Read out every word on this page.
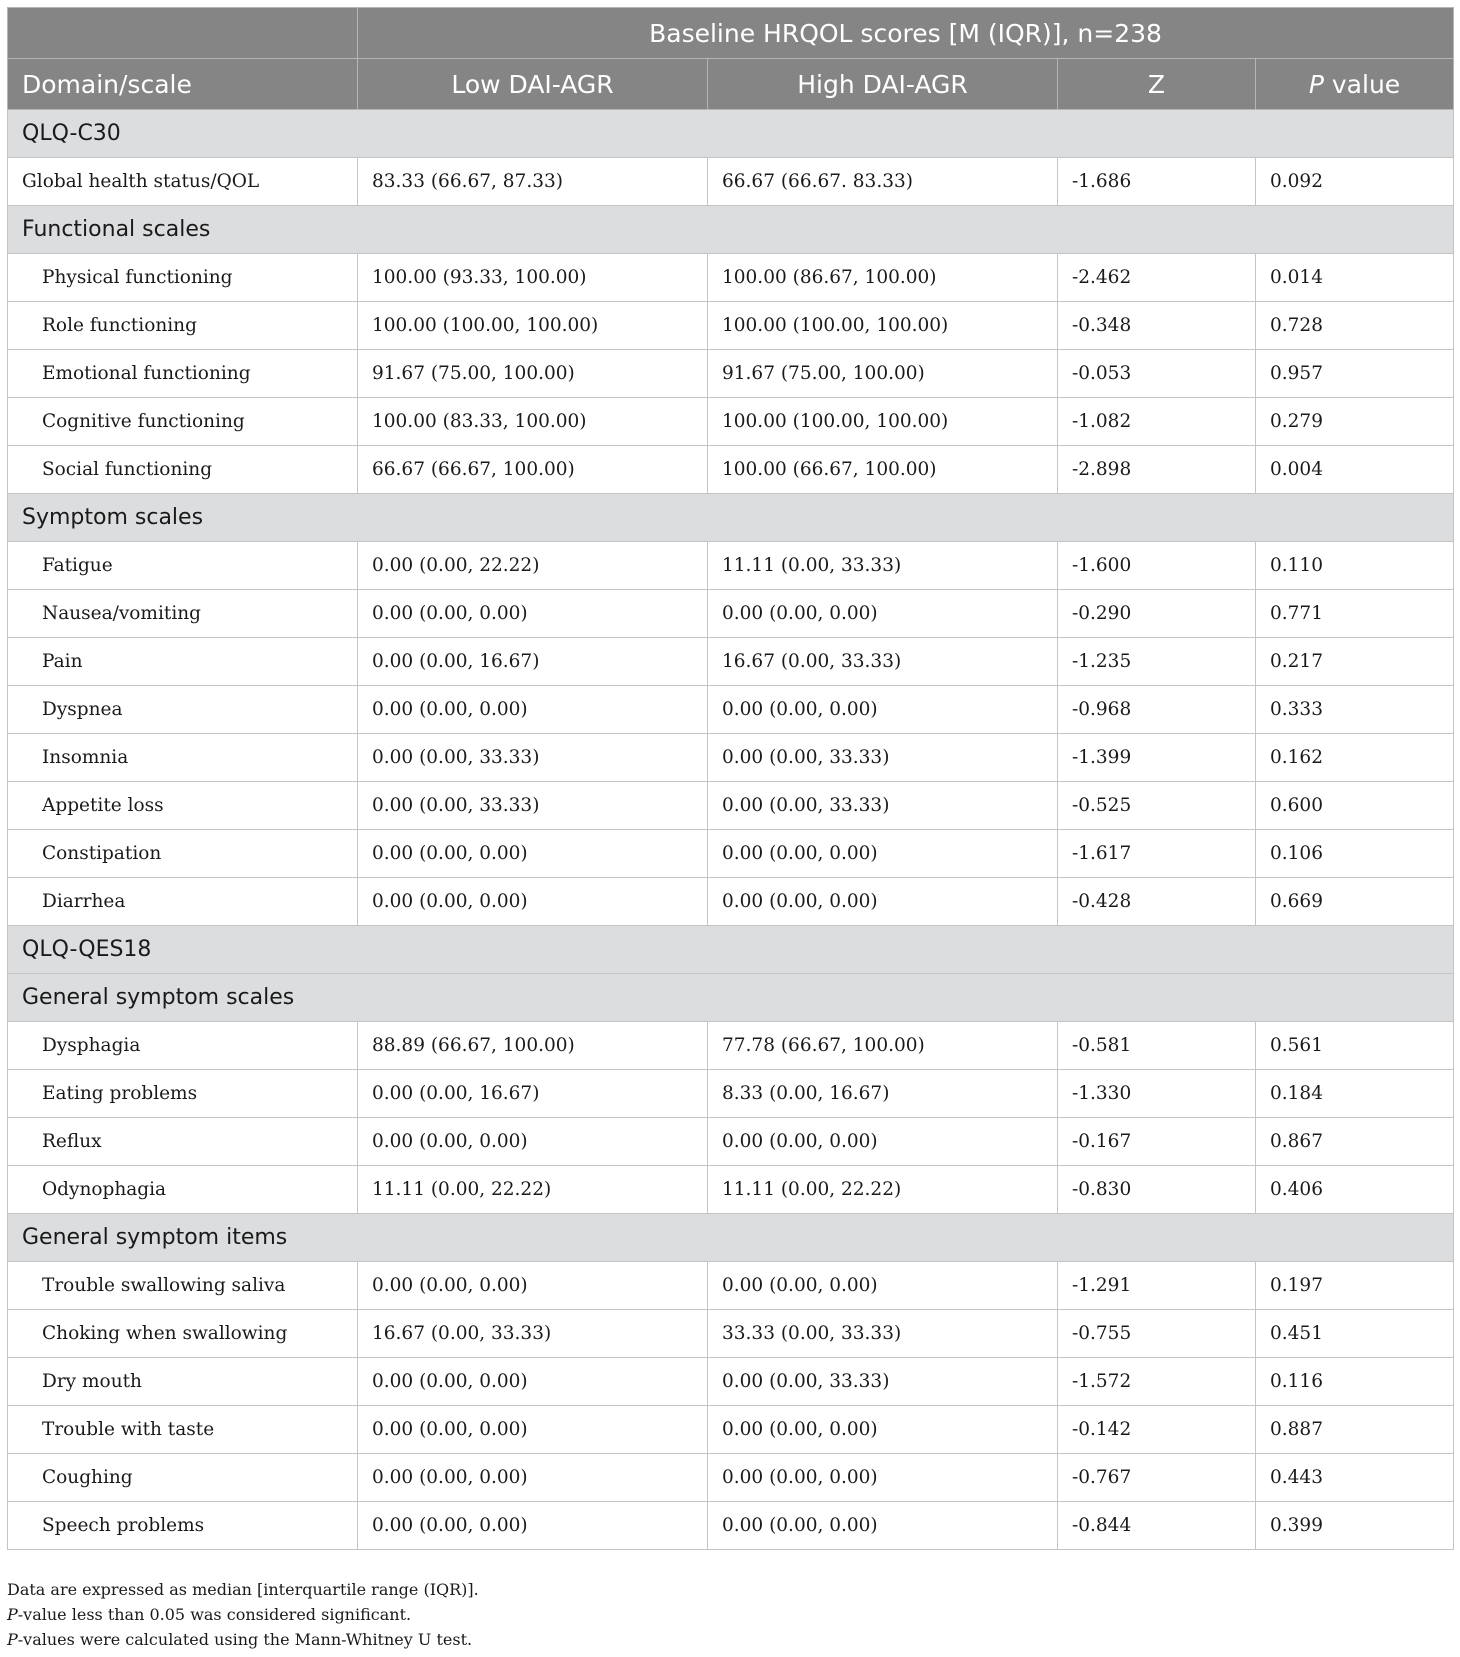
	Baseline HRQOL scores [M (IQR)], n=238			
Domain/scale	Low DAI-AGR	High DAI-AGR	Z	P value
QLQ-C30				
Global health status/QOL	83.33 (66.67, 87.33)	66.67 (66.67. 83.33)	-1.686	0.092
Functional scales				
Physical functioning	100.00 (93.33, 100.00)	100.00 (86.67, 100.00)	-2.462	0.014
Role functioning	100.00 (100.00, 100.00)	100.00 (100.00, 100.00)	-0.348	0.728
Emotional functioning	91.67 (75.00, 100.00)	91.67 (75.00, 100.00)	-0.053	0.957
Cognitive functioning	100.00 (83.33, 100.00)	100.00 (100.00, 100.00)	-1.082	0.279
Social functioning	66.67 (66.67, 100.00)	100.00 (66.67, 100.00)	-2.898	0.004
Symptom scales				
Fatigue	0.00 (0.00, 22.22)	11.11 (0.00, 33.33)	-1.600	0.110
Nausea/vomiting	0.00 (0.00, 0.00)	0.00 (0.00, 0.00)	-0.290	0.771
Pain	0.00 (0.00, 16.67)	16.67 (0.00, 33.33)	-1.235	0.217
Dyspnea	0.00 (0.00, 0.00)	0.00 (0.00, 0.00)	-0.968	0.333
Insomnia	0.00 (0.00, 33.33)	0.00 (0.00, 33.33)	-1.399	0.162
Appetite loss	0.00 (0.00, 33.33)	0.00 (0.00, 33.33)	-0.525	0.600
Constipation	0.00 (0.00, 0.00)	0.00 (0.00, 0.00)	-1.617	0.106
Diarrhea	0.00 (0.00, 0.00)	0.00 (0.00, 0.00)	-0.428	0.669
QLQ-QES18				
General symptom scales				
Dysphagia	88.89 (66.67, 100.00)	77.78 (66.67, 100.00)	-0.581	0.561
Eating problems	0.00 (0.00, 16.67)	8.33 (0.00, 16.67)	-1.330	0.184
Reflux	0.00 (0.00, 0.00)	0.00 (0.00, 0.00)	-0.167	0.867
Odynophagia	11.11 (0.00, 22.22)	11.11 (0.00, 22.22)	-0.830	0.406
General symptom items				
Trouble swallowing saliva	0.00 (0.00, 0.00)	0.00 (0.00, 0.00)	-1.291	0.197
Choking when swallowing	16.67 (0.00, 33.33)	33.33 (0.00, 33.33)	-0.755	0.451
Dry mouth	0.00 (0.00, 0.00)	0.00 (0.00, 33.33)	-1.572	0.116
Trouble with taste	0.00 (0.00, 0.00)	0.00 (0.00, 0.00)	-0.142	0.887
Coughing	0.00 (0.00, 0.00)	0.00 (0.00, 0.00)	-0.767	0.443
Speech problems	0.00 (0.00, 0.00)	0.00 (0.00, 0.00)	-0.844	0.399
Data are expressed as median [interquartile range (IQR)].
P-value less than 0.05 was considered significant.
P-values were calculated using the Mann-Whitney U test.
